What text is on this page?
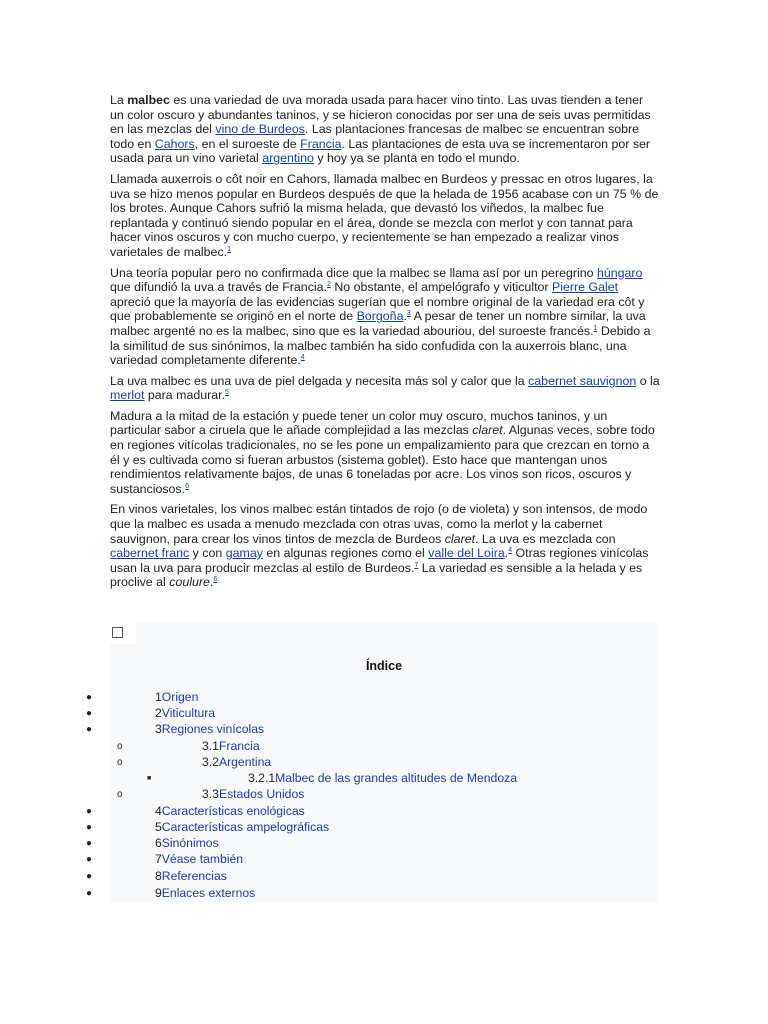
La malbec es una variedad de uva morada usada para hacer vino tinto. Las uvas tienden a tener un color oscuro y abundantes taninos, y se hicieron conocidas por ser una de seis uvas permitidas en las mezclas del vino de Burdeos. Las plantaciones francesas de malbec se encuentran sobre todo en Cahors, en el suroeste de Francia. Las plantaciones de esta uva se incrementaron por ser usada para un vino varietal argentino y hoy ya se planta en todo el mundo.

Llamada auxerrois o côt noir en Cahors, llamada malbec en Burdeos y pressac en otros lugares, la uva se hizo menos popular en Burdeos después de que la helada de 1956 acabase con un 75 % de los brotes. Aunque Cahors sufrió la misma helada, que devastó los viñedos, la malbec fue replantada y continuó siendo popular en el área, donde se mezcla con merlot y con tannat para hacer vinos oscuros y con mucho cuerpo, y recientemente se han empezado a realizar vinos varietales de malbec.$^1$

Una teoría popular pero no confirmada dice que la malbec se llama así por un peregrino húngaro que difundió la uva a través de Francia.$^2$ No obstante, el ampelógrafo y viticultor Pierre Galet apreció que la mayoría de las evidencias sugerían que el nombre original de la variedad era côt y que probablemente se originó en el norte de Borgoña.$^3$ A pesar de tener un nombre similar, la uva malbec argenté no es la malbec, sino que es la variedad abouriou, del suroeste francés.$^1$ Debido a la similitud de sus sinónimos, la malbec también ha sido confudida con la auxerrois blanc, una variedad completamente diferente.$^4$

La uva malbec es una uva de piel delgada y necesita más sol y calor que la cabernet sauvignon o la merlot para madurar.$^5$

Madura a la mitad de la estación y puede tener un color muy oscuro, muchos taninos, y un particular sabor a ciruela que le añade complejidad a las mezclas claret. Algunas veces, sobre todo en regiones vitícolas tradicionales, no se les pone un empalizamiento para que crezcan en torno a él y es cultivada como si fueran arbustos (sistema goblet). Esto hace que mantengan unos rendimientos relativamente bajos, de unas 6 toneladas por acre. Los vinos son ricos, oscuros y sustanciosos.$^6$

En vinos varietales, los vinos malbec están tintados de rojo (o de violeta) y son intensos, de modo que la malbec es usada a menudo mezclada con otras uvas, como la merlot y la cabernet sauvignon, para crear los vinos tintos de mezcla de Burdeos claret. La uva es mezclada con cabernet franc y con gamay en algunas regiones como el valle del Loira.$^4$ Otras regiones vinícolas usan la uva para producir mezclas al estilo de Burdeos.$^7$ La variedad es sensible a la helada y es proclive al coulure.$^6$

Índice
●	1Origen
●	2Viticultura
●	3Regiones vinícolas
o	3.1Francia
o	3.2Argentina
■	3.2.1Malbec de las grandes altitudes de Mendoza
o	3.3Estados Unidos
●	4Características enológicas
●	5Características ampelográficas
●	6Sinónimos
●	7Véase también
●	8Referencias
●	9Enlaces externos
